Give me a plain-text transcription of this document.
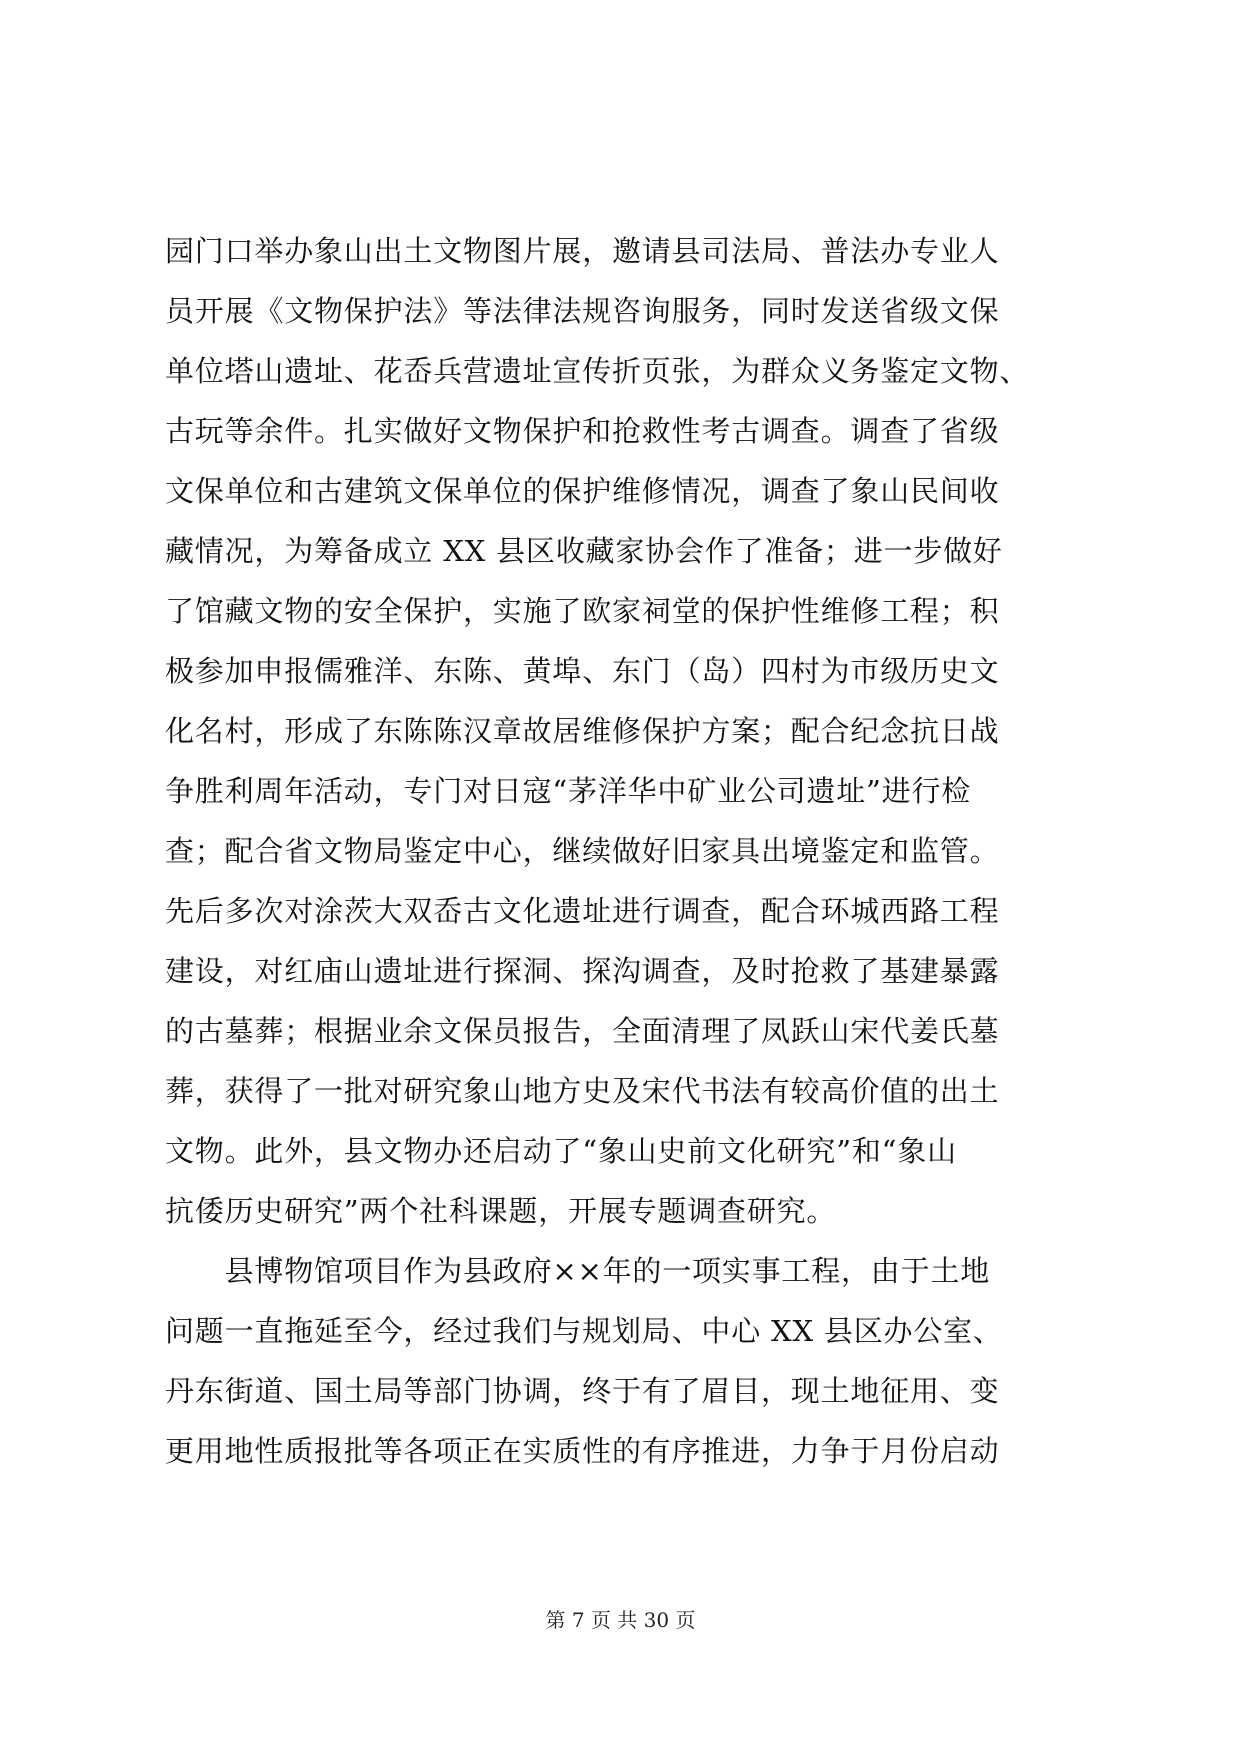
园门口举办象山出土文物图片展，邀请县司法局、普法办专业人
员开展《文物保护法》等法律法规咨询服务，同时发送省级文保
单位塔山遗址、花岙兵营遗址宣传折页张，为群众义务鉴定文物、
古玩等余件。扎实做好文物保护和抢救性考古调查。调查了省级
文保单位和古建筑文保单位的保护维修情况，调查了象山民间收
藏情况，为筹备成立 XX 县区收藏家协会作了准备；进一步做好
了馆藏文物的安全保护，实施了欧家祠堂的保护性维修工程；积
极参加申报儒雅洋、东陈、黄埠、东门（岛）四村为市级历史文
化名村，形成了东陈陈汉章故居维修保护方案；配合纪念抗日战
争胜利周年活动，专门对日寇“茅洋华中矿业公司遗址”进行检
查；配合省文物局鉴定中心，继续做好旧家具出境鉴定和监管。
先后多次对涂茨大双岙古文化遗址进行调查，配合环城西路工程
建设，对红庙山遗址进行探洞、探沟调查，及时抢救了基建暴露
的古墓葬；根据业余文保员报告，全面清理了凤跃山宋代姜氏墓
葬，获得了一批对研究象山地方史及宋代书法有较高价值的出土
文物。此外，县文物办还启动了“象山史前文化研究”和“象山
抗倭历史研究”两个社科课题，开展专题调查研究。
　　县博物馆项目作为县政府××年的一项实事工程，由于土地
问题一直拖延至今，经过我们与规划局、中心 XX 县区办公室、
丹东街道、国土局等部门协调，终于有了眉目，现土地征用、变
更用地性质报批等各项正在实质性的有序推进，力争于月份启动
第 7 页 共 30 页
